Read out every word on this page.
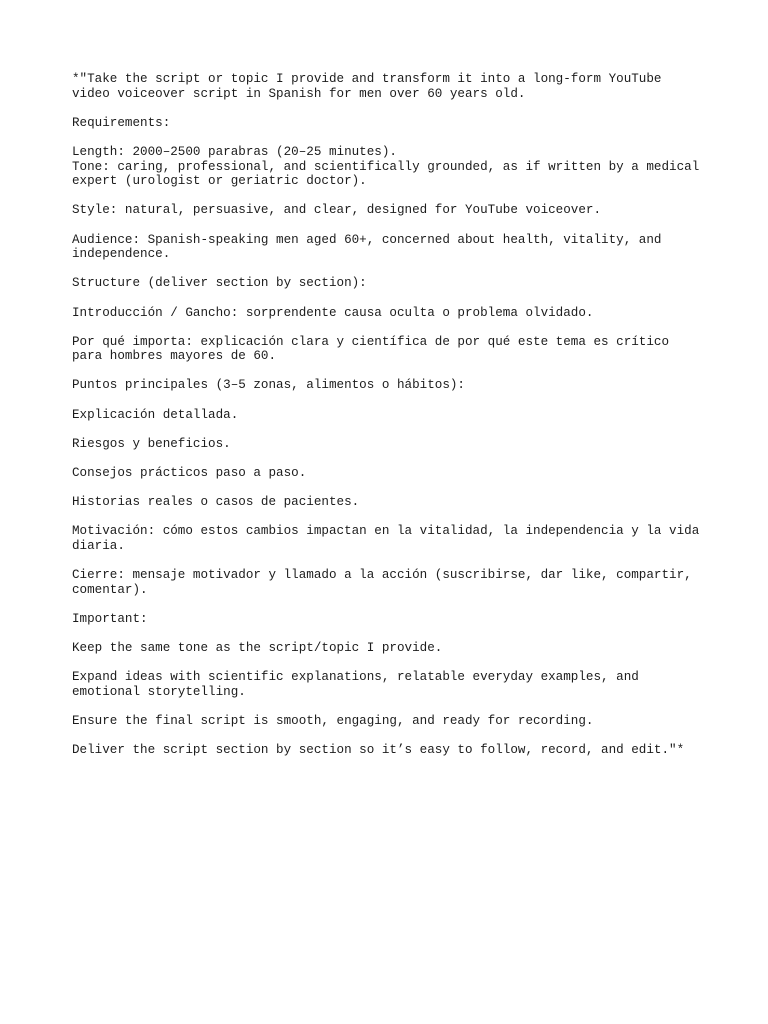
*"Take the script or topic I provide and transform it into a long-form YouTube
video voiceover script in Spanish for men over 60 years old.
Requirements:
Length: 2000–2500 parabras (20–25 minutes).
Tone: caring, professional, and scientifically grounded, as if written by a medical
expert (urologist or geriatric doctor).
Style: natural, persuasive, and clear, designed for YouTube voiceover.
Audience: Spanish-speaking men aged 60+, concerned about health, vitality, and
independence.
Structure (deliver section by section):
Introducción / Gancho: sorprendente causa oculta o problema olvidado.
Por qué importa: explicación clara y científica de por qué este tema es crítico
para hombres mayores de 60.
Puntos principales (3–5 zonas, alimentos o hábitos):
Explicación detallada.
Riesgos y beneficios.
Consejos prácticos paso a paso.
Historias reales o casos de pacientes.
Motivación: cómo estos cambios impactan en la vitalidad, la independencia y la vida
diaria.
Cierre: mensaje motivador y llamado a la acción (suscribirse, dar like, compartir,
comentar).
Important:
Keep the same tone as the script/topic I provide.
Expand ideas with scientific explanations, relatable everyday examples, and
emotional storytelling.
Ensure the final script is smooth, engaging, and ready for recording.
Deliver the script section by section so it’s easy to follow, record, and edit."*
